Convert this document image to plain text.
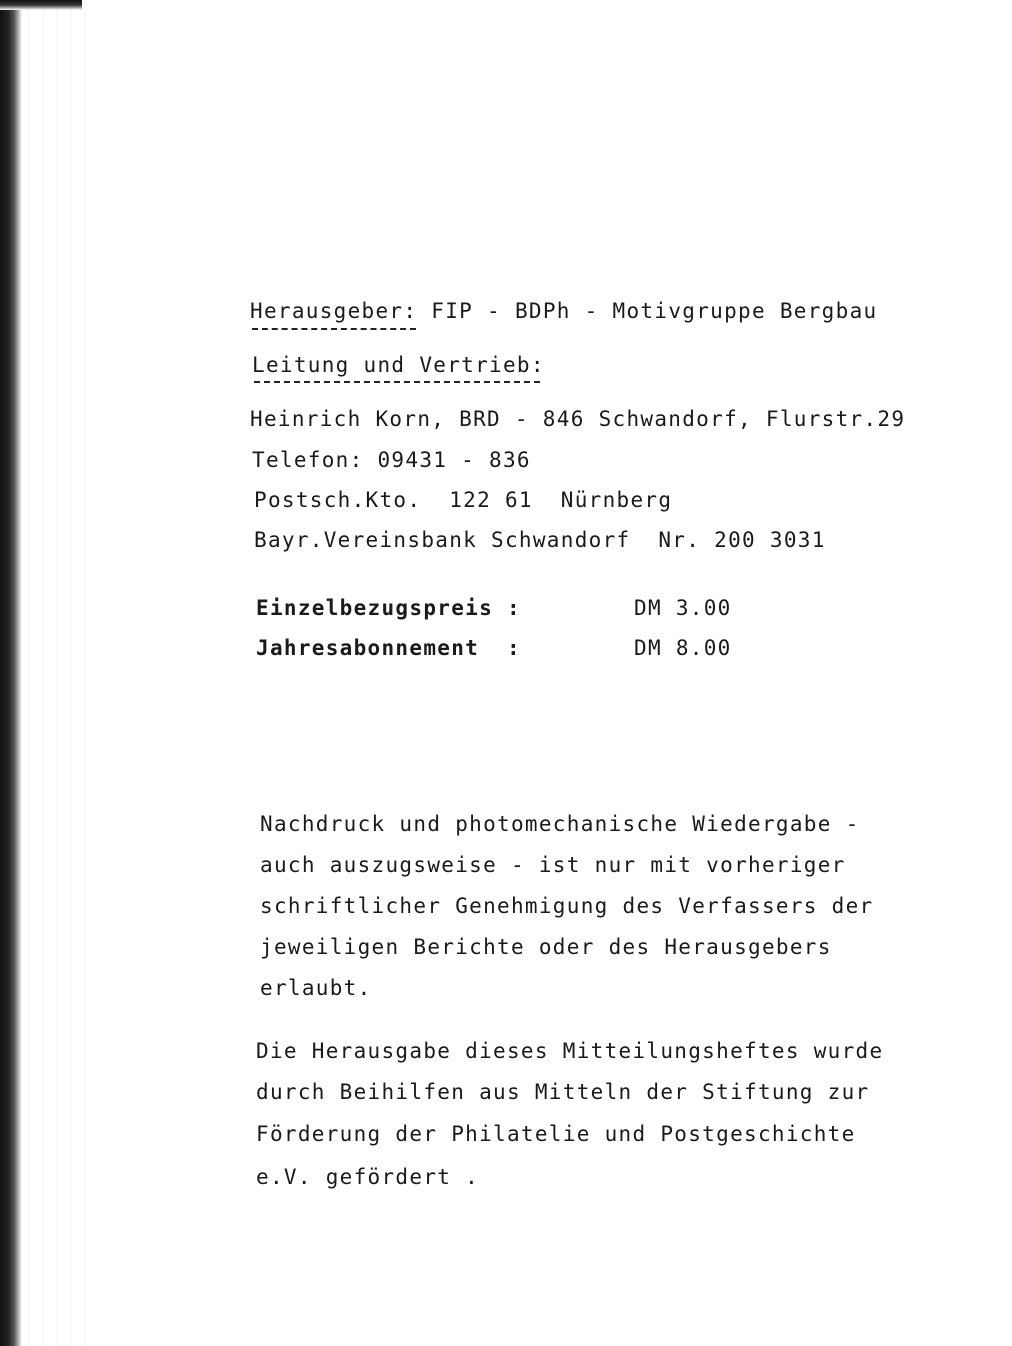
Herausgeber: FIP - BDPh - Motivgruppe Bergbau
Leitung und Vertrieb:
Heinrich Korn, BRD - 846 Schwandorf, Flurstr.29
Telefon: 09431 - 836
Postsch.Kto.  122 61  Nürnberg
Bayr.Vereinsbank Schwandorf  Nr. 200 3031
Einzelbezugspreis :	DM 3.00
Jahresabonnement  :	DM 8.00
Nachdruck und photomechanische Wiedergabe -
auch auszugsweise - ist nur mit vorheriger
schriftlicher Genehmigung des Verfassers der
jeweiligen Berichte oder des Herausgebers
erlaubt.
Die Herausgabe dieses Mitteilungsheftes wurde
durch Beihilfen aus Mitteln der Stiftung zur
Förderung der Philatelie und Postgeschichte
e.V. gefördert .
